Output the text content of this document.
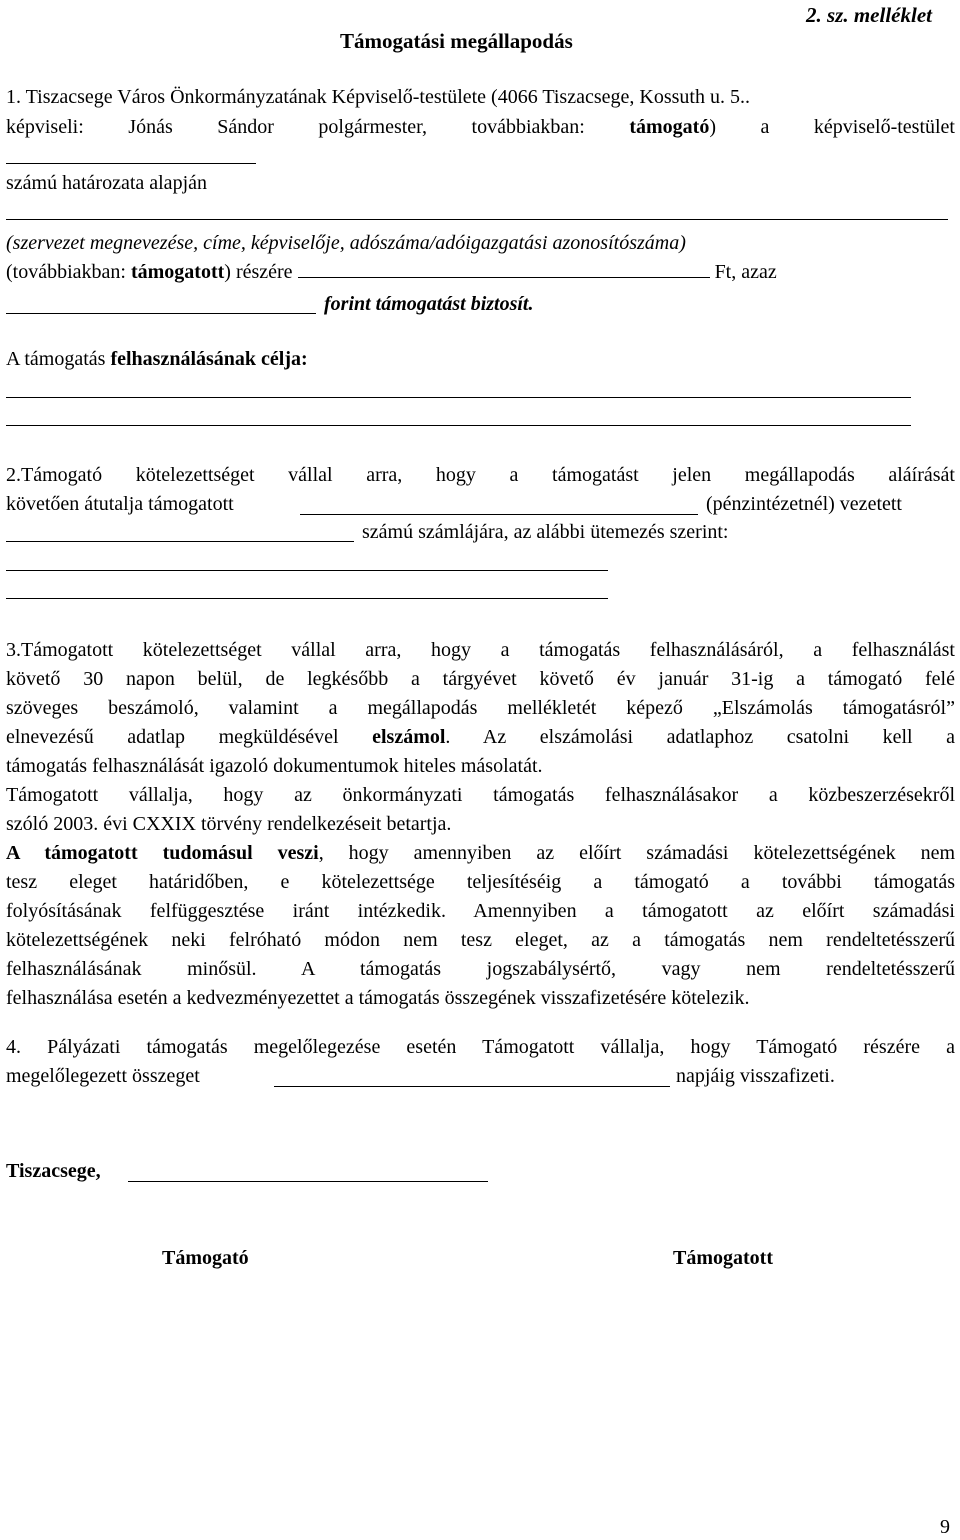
Támogatási megállapodás
2. sz. melléklet
1. Tiszacsege Város Önkormányzatának Képviselő-testülete (4066 Tiszacsege, Kossuth u. 5..
képviseli: Jónás Sándor polgármester, továbbiakban: támogató) a képviselő-testület
számú határozata alapján
(szervezet megnevezése, címe, képviselője, adószáma/adóigazgatási azonosítószáma)
(továbbiakban: támogatott) részére	Ft, azaz
forint támogatást biztosít.
A támogatás felhasználásának célja:
2.Támogató kötelezettséget vállal arra, hogy a támogatást jelen megállapodás aláírását
követően átutalja támogatott	(pénzintézetnél) vezetett
számú számlájára, az alábbi ütemezés szerint:
3.Támogatott kötelezettséget vállal arra, hogy a támogatás felhasználásáról, a felhasználást
követő 30 napon belül, de legkésőbb a tárgyévet követő év január 31-ig a támogató felé
szöveges beszámoló, valamint a megállapodás mellékletét képező „Elszámolás támogatásról”
elnevezésű adatlap megküldésével elszámol. Az elszámolási adatlaphoz csatolni kell a
támogatás felhasználását igazoló dokumentumok hiteles másolatát.
Támogatott vállalja, hogy az önkormányzati támogatás felhasználásakor a közbeszerzésekről
szóló 2003. évi CXXIX törvény rendelkezéseit betartja.
A támogatott tudomásul veszi, hogy amennyiben az előírt számadási kötelezettségének nem
tesz eleget határidőben, e kötelezettsége teljesítéséig a támogató a további támogatás
folyósításának felfüggesztése iránt intézkedik. Amennyiben a támogatott az előírt számadási
kötelezettségének neki felróható módon nem tesz eleget, az a támogatás nem rendeltetésszerű
felhasználásának minősül. A támogatás jogszabálysértő, vagy nem rendeltetésszerű
felhasználása esetén a kedvezményezettet a támogatás összegének visszafizetésére kötelezik.
4. Pályázati támogatás megelőlegezése esetén Támogatott vállalja, hogy Támogató részére a
megelőlegezett összeget	napjáig visszafizeti.
Tiszacsege,
Támogató	Támogatott
9
